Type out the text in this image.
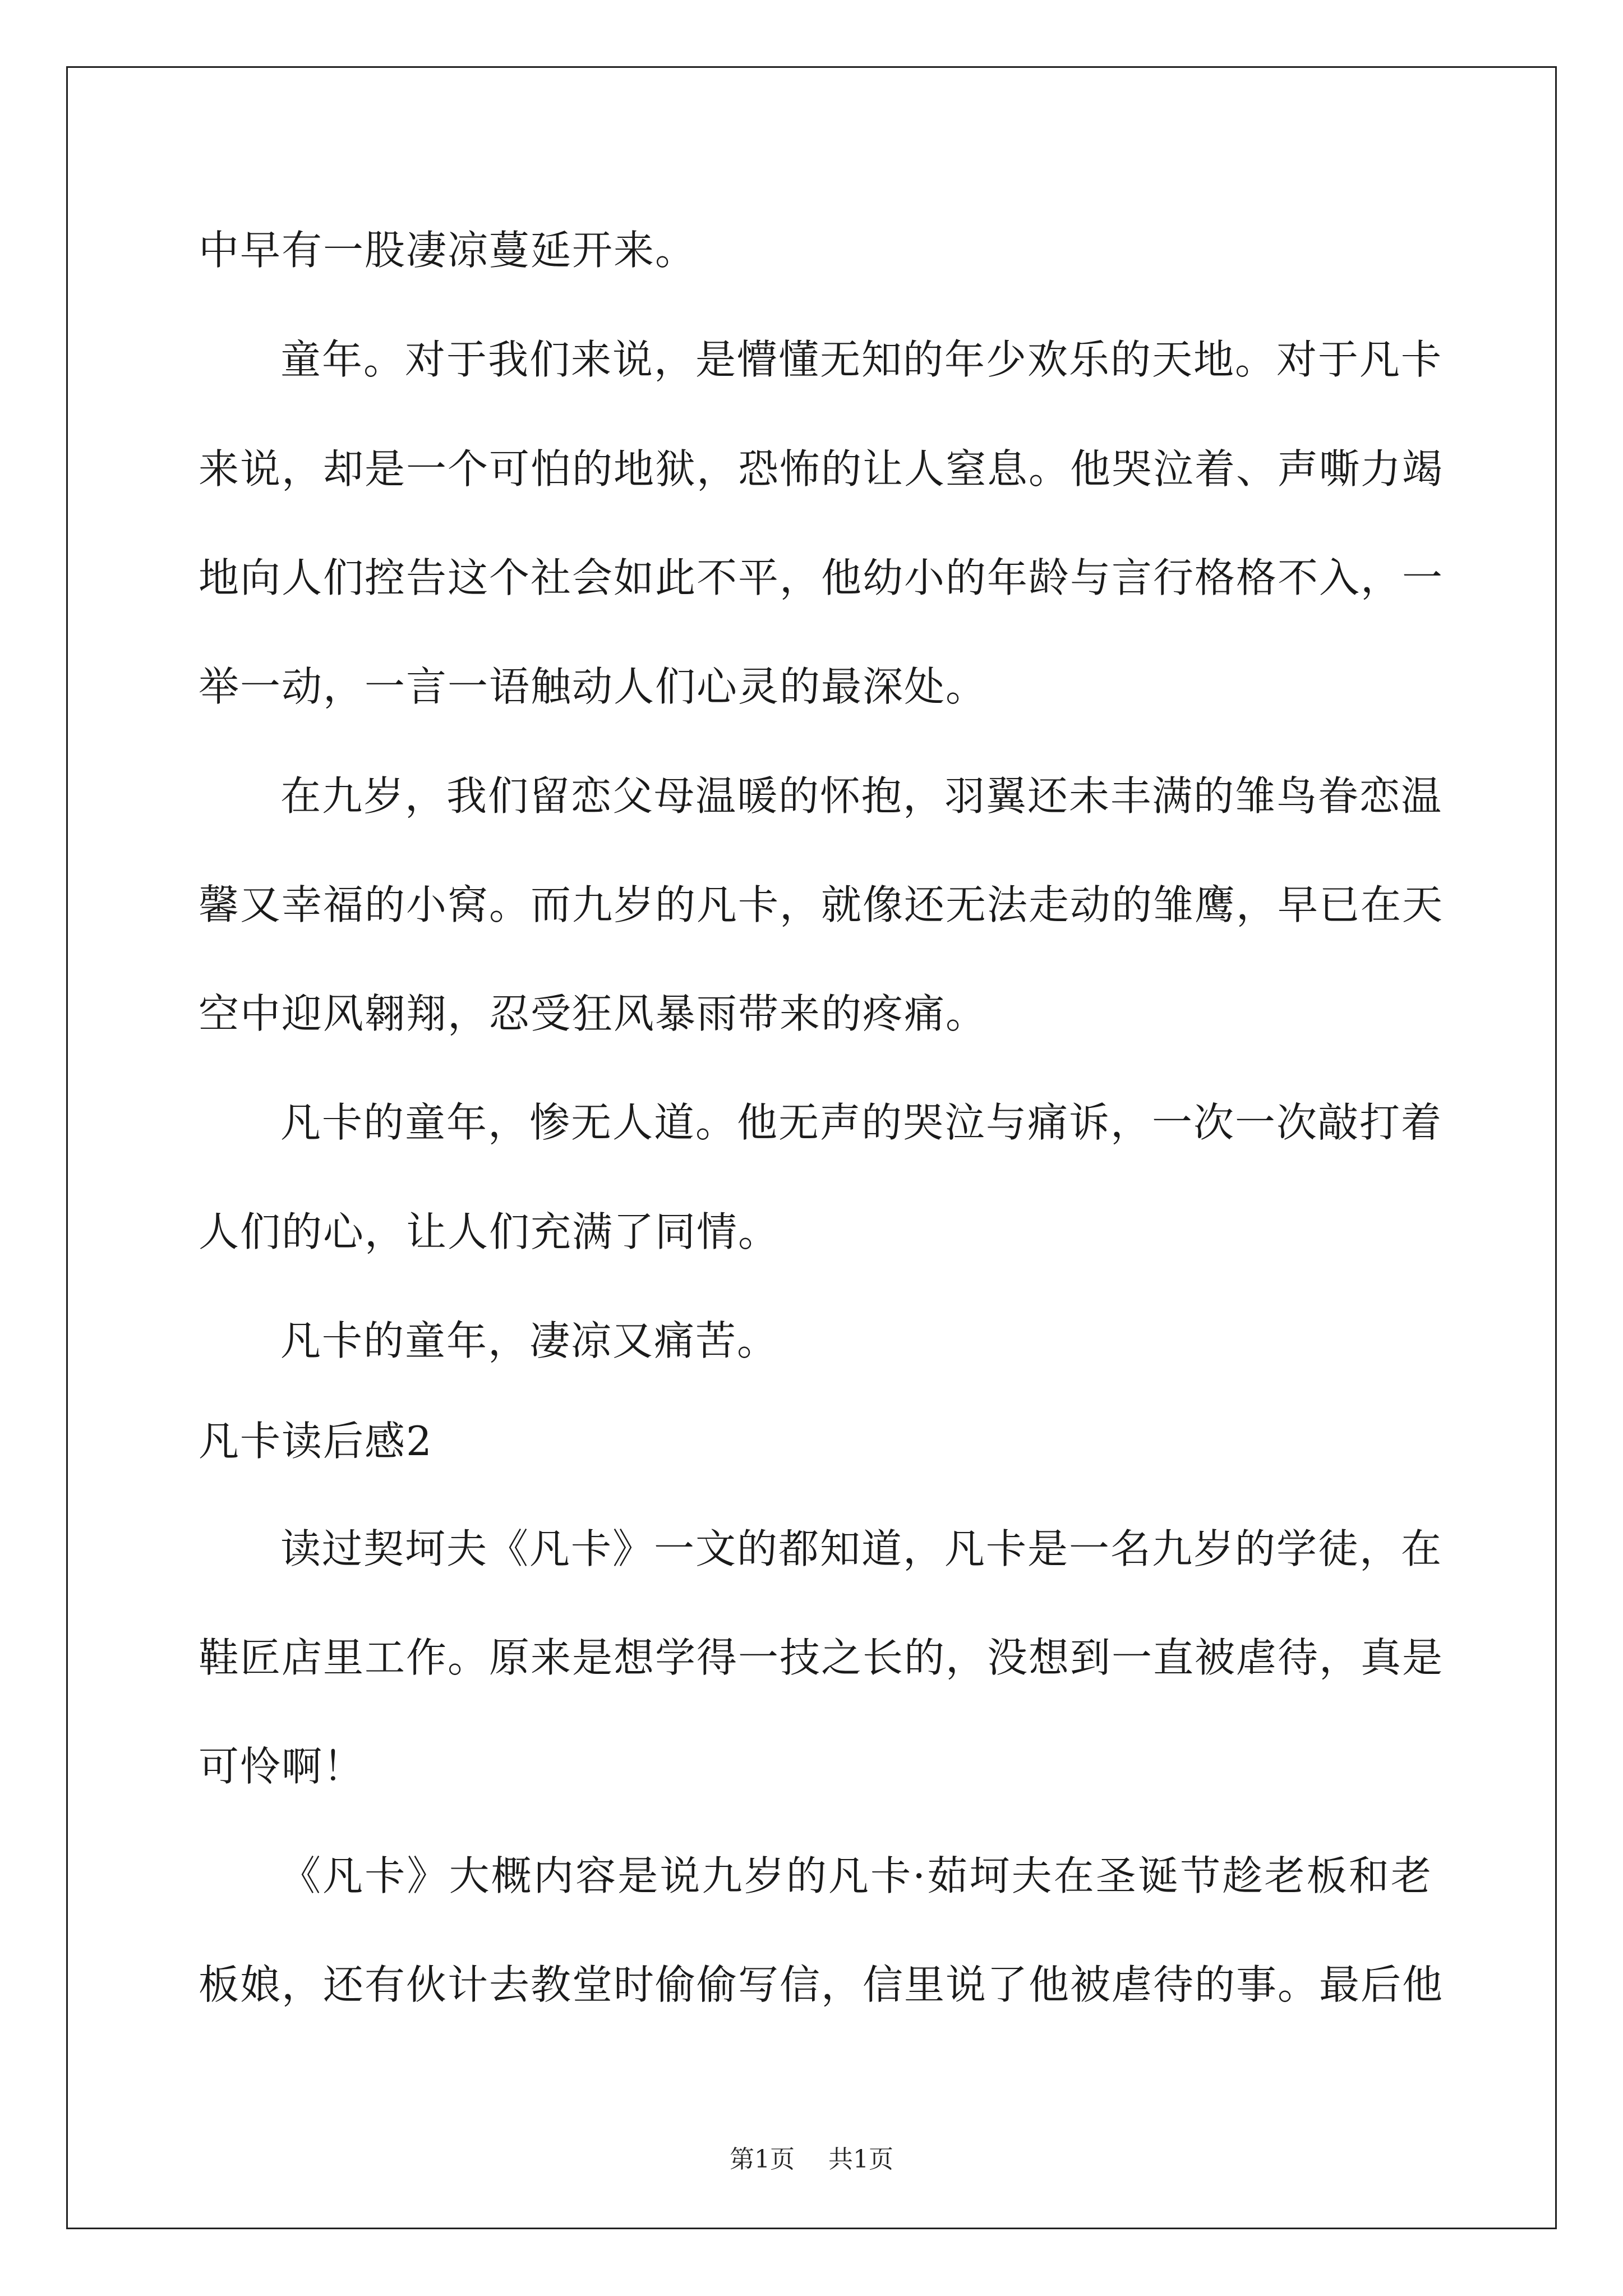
中早有一股凄凉蔓延开来。
童年。对于我们来说，是懵懂无知的年少欢乐的天地。对于凡卡
来说，却是一个可怕的地狱，恐怖的让人窒息。他哭泣着、声嘶力竭
地向人们控告这个社会如此不平，他幼小的年龄与言行格格不入，一
举一动，一言一语触动人们心灵的最深处。
在九岁，我们留恋父母温暖的怀抱，羽翼还未丰满的雏鸟眷恋温
馨又幸福的小窝。而九岁的凡卡，就像还无法走动的雏鹰，早已在天
空中迎风翱翔，忍受狂风暴雨带来的疼痛。
凡卡的童年，惨无人道。他无声的哭泣与痛诉，一次一次敲打着
人们的心，让人们充满了同情。
凡卡的童年，凄凉又痛苦。
凡卡读后感2
读过契坷夫《凡卡》一文的都知道，凡卡是一名九岁的学徒，在
鞋匠店里工作。原来是想学得一技之长的，没想到一直被虐待，真是
可怜啊！
《凡卡》大概内容是说九岁的凡卡·茹坷夫在圣诞节趁老板和老
板娘，还有伙计去教堂时偷偷写信，信里说了他被虐待的事。最后他
第1页 共1页
